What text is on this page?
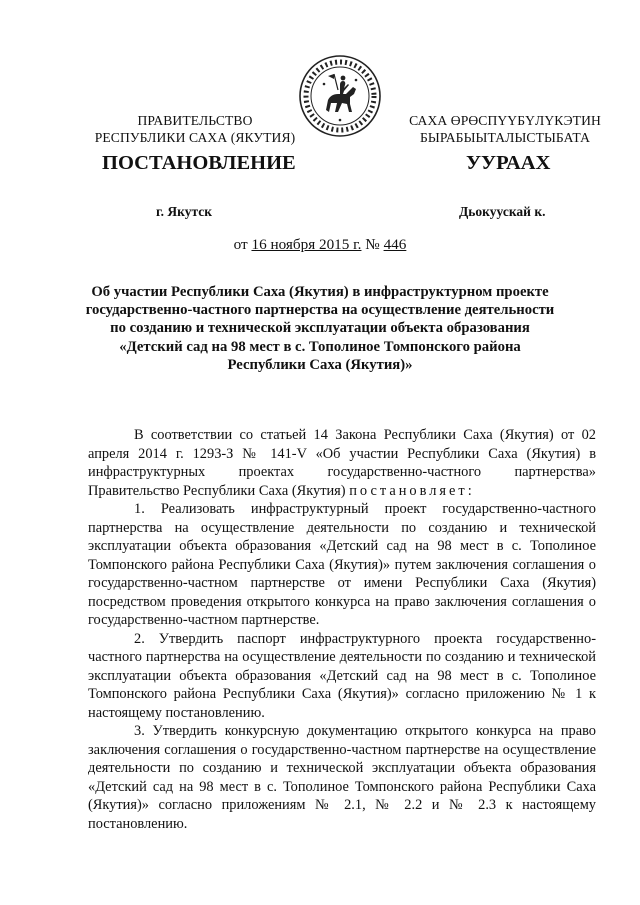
ПРАВИТЕЛЬСТВО
РЕСПУБЛИКИ САХА (ЯКУТИЯ)
САХА ӨРӨСПҮҮБҮЛҮКЭТИН
БЫРАБЫЫТАЛЫСТЫБАТА
ПОСТАНОВЛЕНИЕ	УУРААХ
г. Якутск	Дьокуускай к.
от 16 ноября 2015 г. № 446
Об участии Республики Саха (Якутия) в инфраструктурном проекте
государственно-частного партнерства на осуществление деятельности
по созданию и технической эксплуатации объекта образования
«Детский сад на 98 мест в с. Тополиное Томпонского района
Республики Саха (Якутия)»

В соответствии со статьей 14 Закона Республики Саха (Якутия) от 02 апреля 2014 г. 1293-З № 141-V «Об участии Республики Саха (Якутия) в инфраструктурных проектах государственно-частного партнерства» Правительство Республики Саха (Якутия) постановляет:

1. Реализовать инфраструктурный проект государственно-частного партнерства на осуществление деятельности по созданию и технической эксплуатации объекта образования «Детский сад на 98 мест в с. Тополиное Томпонского района Республики Саха (Якутия)» путем заключения соглашения о государственно-частном партнерстве от имени Республики Саха (Якутия) посредством проведения открытого конкурса на право заключения соглашения о государственно-частном партнерстве.

2. Утвердить паспорт инфраструктурного проекта государственно-частного партнерства на осуществление деятельности по созданию и технической эксплуатации объекта образования «Детский сад на 98 мест в с. Тополиное Томпонского района Республики Саха (Якутия)» согласно приложению № 1 к настоящему постановлению.

3. Утвердить конкурсную документацию открытого конкурса на право заключения соглашения о государственно-частном партнерстве на осуществление деятельности по созданию и технической эксплуатации объекта образования «Детский сад на 98 мест в с. Тополиное Томпонского района Республики Саха (Якутия)» согласно приложениям № 2.1, № 2.2 и № 2.3 к настоящему постановлению.
